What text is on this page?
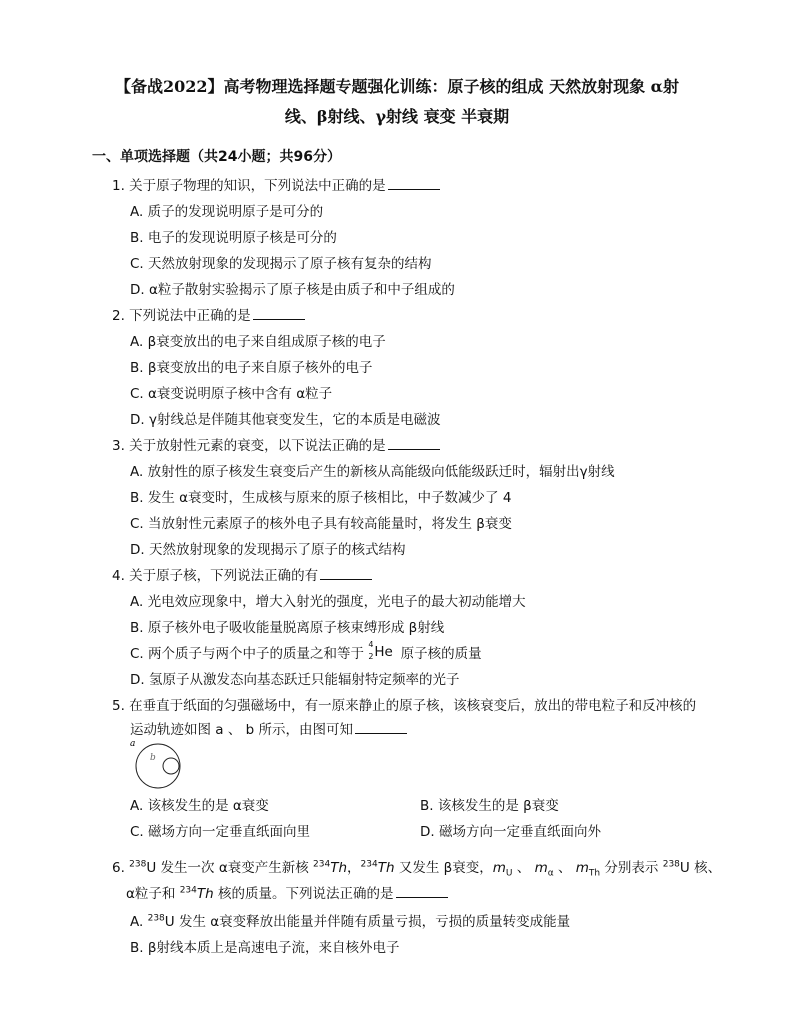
【备战2022】高考物理选择题专题强化训练：原子核的组成 天然放射现象 α射
线、β射线、γ射线 衰变 半衰期
一、单项选择题（共24小题；共96分）
1. 关于原子物理的知识，下列说法中正确的是
A. 质子的发现说明原子是可分的
B. 电子的发现说明原子核是可分的
C. 天然放射现象的发现揭示了原子核有复杂的结构
D. α粒子散射实验揭示了原子核是由质子和中子组成的
2. 下列说法中正确的是
A. β衰变放出的电子来自组成原子核的电子
B. β衰变放出的电子来自原子核外的电子
C. α衰变说明原子核中含有 α粒子
D. γ射线总是伴随其他衰变发生，它的本质是电磁波
3. 关于放射性元素的衰变，以下说法正确的是
A. 放射性的原子核发生衰变后产生的新核从高能级向低能级跃迁时，辐射出γ射线
B. 发生 α衰变时，生成核与原来的原子核相比，中子数减少了 4
C. 当放射性元素原子的核外电子具有较高能量时，将发生 β衰变
D. 天然放射现象的发现揭示了原子的核式结构
4. 关于原子核，下列说法正确的有
A. 光电效应现象中，增大入射光的强度，光电子的最大初动能增大
B. 原子核外电子吸收能量脱离原子核束缚形成 β射线
C. 两个质子与两个中子的质量之和等于
4
2 He 原子核的质量
D. 氢原子从激发态向基态跃迁只能辐射特定频率的光子
5. 在垂直于纸面的匀强磁场中，有一原来静止的原子核，该核衰变后，放出的带电粒子和反冲核的
运动轨迹如图 a 、 b 所示，由图可知
a
b
A. 该核发生的是 α衰变	B. 该核发生的是 β衰变
C. 磁场方向一定垂直纸面向里	D. 磁场方向一定垂直纸面向外
6. $^{238}$U 发生一次 α衰变产生新核 $^{234}$Th，$^{234}$Th 又发生 β衰变，$m_U$ 、 $m_\alpha$ 、 $m_{Th}$ 分别表示 $^{238}$U 核、
α粒子和 $^{234}$Th 核的质量。下列说法正确的是
A. $^{238}$U 发生 α衰变释放出能量并伴随有质量亏损，亏损的质量转变成能量
B. β射线本质上是高速电子流，来自核外电子
